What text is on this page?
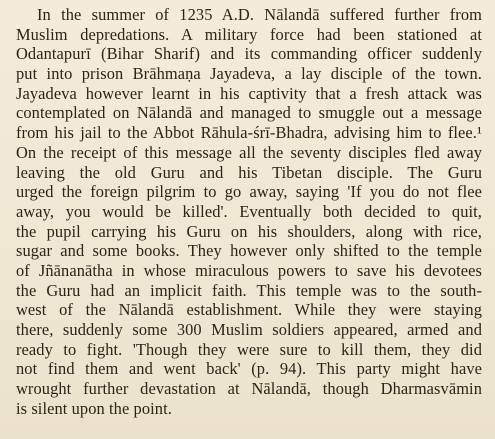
In the summer of 1235 A.D. Nālandā suffered further from
Muslim depredations. A military force had been stationed at
Odantapurī (Bihar Sharif) and its commanding officer suddenly
put into prison Brāhmaṇa Jayadeva, a lay disciple of the town.
Jayadeva however learnt in his captivity that a fresh attack was
contemplated on Nālandā and managed to smuggle out a message
from his jail to the Abbot Rāhula-śrī-Bhadra, advising him to flee.¹
On the receipt of this message all the seventy disciples fled away
leaving the old Guru and his Tibetan disciple. The Guru
urged the foreign pilgrim to go away, saying 'If you do not flee
away, you would be killed'. Eventually both decided to quit,
the pupil carrying his Guru on his shoulders, along with rice,
sugar and some books. They however only shifted to the temple
of Jñānanātha in whose miraculous powers to save his devotees
the Guru had an implicit faith. This temple was to the south-
west of the Nālandā establishment. While they were staying
there, suddenly some 300 Muslim soldiers appeared, armed and
ready to fight. 'Though they were sure to kill them, they did
not find them and went back' (p. 94). This party might have
wrought further devastation at Nālandā, though Dharmasvāmin
is silent upon the point.
